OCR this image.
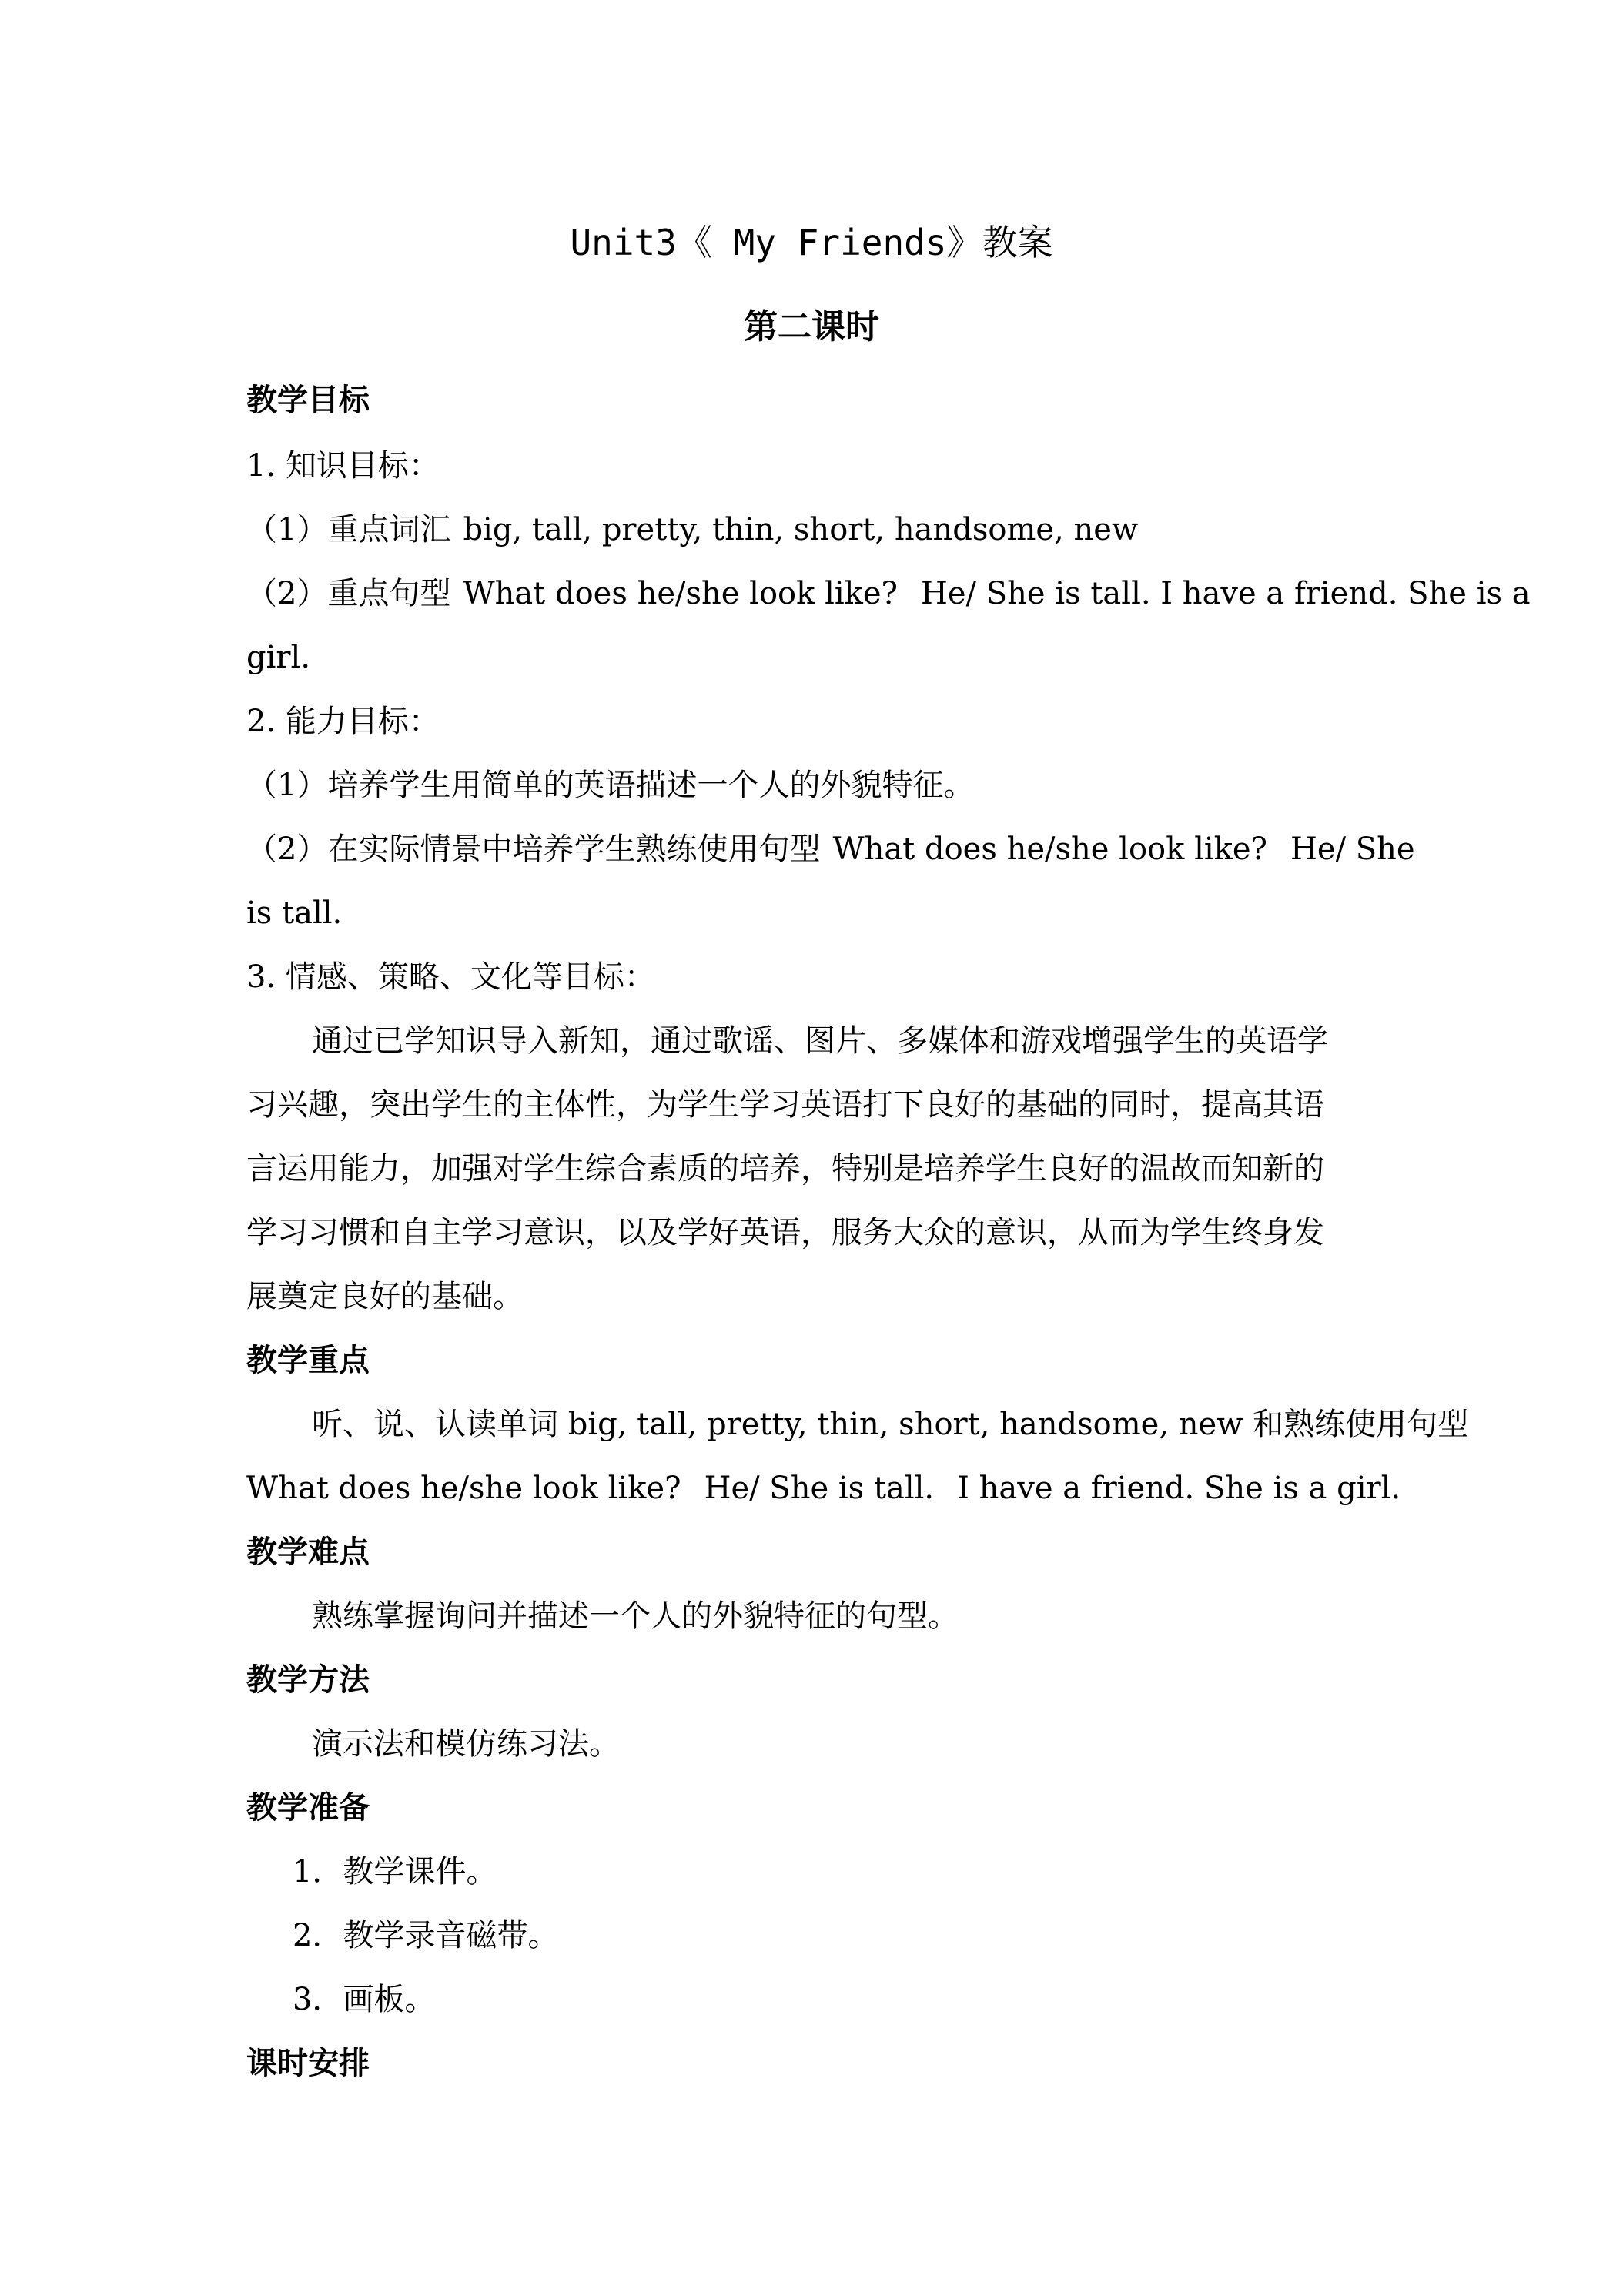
Unit3《 My Friends》教案
第二课时
教学目标
1. 知识目标：
（1）重点词汇 big, tall, pretty, thin, short, handsome, new
（2）重点句型 What does he/she look like? He/ She is tall. I have a friend. She is a
girl.
2. 能力目标：
（1）培养学生用简单的英语描述一个人的外貌特征。
（2）在实际情景中培养学生熟练使用句型 What does he/she look like? He/ She
is tall.
3. 情感、策略、文化等目标：
通过已学知识导入新知，通过歌谣、图片、多媒体和游戏增强学生的英语学
习兴趣，突出学生的主体性，为学生学习英语打下良好的基础的同时，提高其语
言运用能力，加强对学生综合素质的培养，特别是培养学生良好的温故而知新的
学习习惯和自主学习意识，以及学好英语，服务大众的意识，从而为学生终身发
展奠定良好的基础。
教学重点
听、说、认读单词 big, tall, pretty, thin, short, handsome, new 和熟练使用句型
What does he/she look like? He/ She is tall. I have a friend. She is a girl.
教学难点
熟练掌握询问并描述一个人的外貌特征的句型。
教学方法
演示法和模仿练习法。
教学准备
1．教学课件。
2．教学录音磁带。
3．画板。
课时安排
